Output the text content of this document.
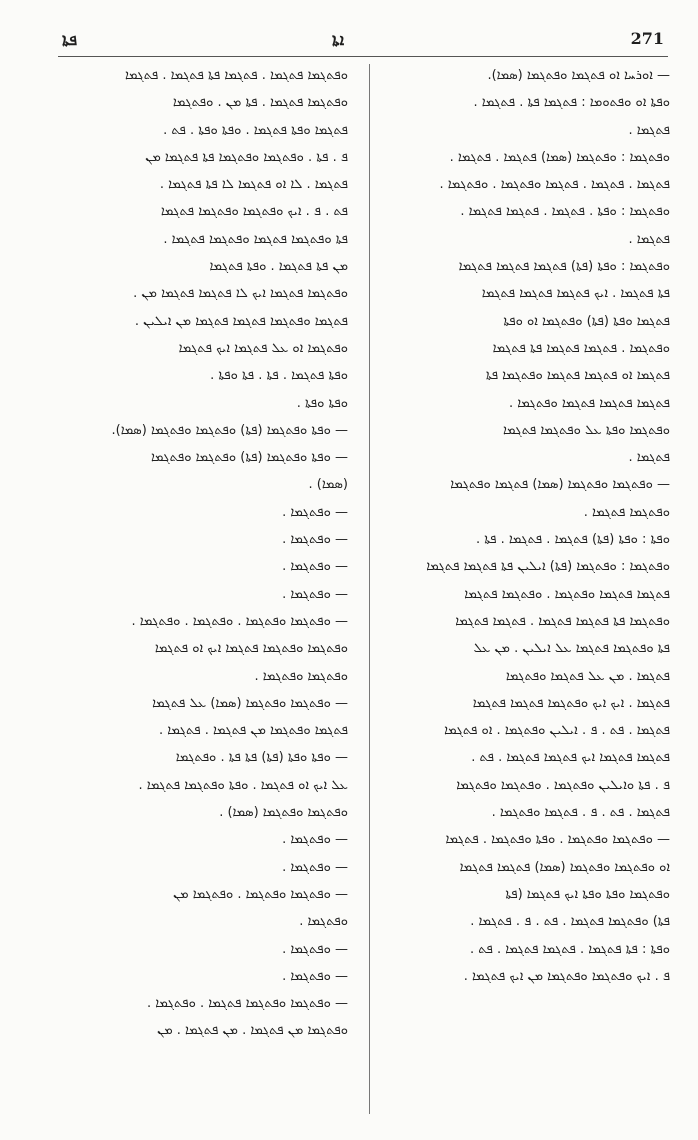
ܦܬܐ	ܐܬܐ	271
— ܐܘܪܚܐ ܐܘ ܦܬܓܡܐ ܘܦܬܓܡܐ (ܣܡܐ).
ܘܦܬܐ ܐܘ ܘܦܬܘܡܐ : ܦܬܓܡܐ ܦܬܐ . ܦܬܓܡܐ .
ܦܬܓܡܐ .
ܘܦܬܓܡܐ : ܘܦܬܓܡܐ (ܣܡܐ) ܦܬܓܡܐ . ܦܬܓܡܐ .
ܦܬܓܡܐ . ܦܬܓܡܐ . ܦܬܓܡܐ ܘܦܬܓܡܐ . ܘܦܬܓܡܐ .
ܘܦܬܓܡܐ : ܘܦܬܐ . ܦܬܓܡܐ . ܦܬܓܡܐ ܦܬܓܡܐ .
ܦܬܓܡܐ .
ܘܦܬܓܡܐ : ܘܦܬܐ (ܦܬܐ) ܦܬܓܡܐ ܦܬܓܡܐ ܦܬܓܡܐ
ܦܬܐ ܦܬܓܡܐ . ܐܝܟ ܦܬܓܡܐ ܦܬܓܡܐ ܦܬܓܡܐ
ܦܬܓܡܐ ܘܦܬܐ (ܦܬܐ) ܘܦܬܓܡܐ ܐܘ ܘܦܬܐ
ܘܦܬܓܡܐ . ܦܬܓܡܐ ܦܬܓܡܐ ܦܬܐ ܦܬܓܡܐ
ܦܬܓܡܐ ܐܘ ܦܬܓܡܐ ܦܬܓܡܐ ܘܦܬܓܡܐ ܦܬܐ
ܦܬܓܡܐ ܦܬܓܡܐ ܦܬܓܡܐ ܘܦܬܓܡܐ .
ܘܦܬܓܡܐ ܘܦܬܐ ܥܠ ܘܦܬܓܡܐ ܦܬܓܡܐ
ܦܬܓܡܐ .
— ܘܦܬܓܡܐ ܘܦܬܓܡܐ (ܣܡܐ) ܦܬܓܡܐ ܘܦܬܓܡܐ
ܘܦܬܓܡܐ ܦܬܓܡܐ .
ܘܦܬܐ : ܘܦܬܐ (ܦܬܐ) ܦܬܓܡܐ . ܦܬܓܡܐ . ܦܬܐ .
ܘܦܬܓܡܐ : ܘܦܬܓܡܐ (ܦܬܐ) ܐܝܠܝܢ ܦܬܐ ܦܬܓܡܐ ܦܬܓܡܐ
ܦܬܓܡܐ ܦܬܓܡܐ ܘܦܬܓܡܐ . ܘܦܬܓܡܐ ܦܬܓܡܐ
ܘܦܬܓܡܐ ܦܬܐ ܦܬܓܡܐ ܦܬܓܡܐ . ܦܬܓܡܐ ܦܬܓܡܐ
ܦܬܐ ܘܦܬܓܡܐ ܦܬܓܡܐ ܥܠ ܐܝܠܝܢ . ܡܢ ܥܠ
ܦܬܓܡܐ . ܡܢ ܥܠ ܦܬܓܡܐ ܘܦܬܓܡܐ
ܦܬܓܡܐ . ܐܝܟ ܐܝܟ ܘܦܬܓܡܐ ܦܬܓܡܐ ܦܬܓܡܐ
ܦܬܓܡܐ . ܦܬ . ܦ . ܐܝܠܝܢ ܘܦܬܓܡܐ . ܐܘ ܦܬܓܡܐ
ܦܬܓܡܐ ܦܬܓܡܐ ܐܝܟ ܦܬܓܡܐ ܦܬܓܡܐ . ܦܬ .
ܦ . ܦܬܐ ܘܐܝܠܝܢ ܘܦܬܓܡܐ . ܘܦܬܓܡܐ ܘܦܬܓܡܐ
ܦܬܓܡܐ . ܦܬ . ܦ . ܦܬܓܡܐ ܘܦܬܓܡܐ .
— ܘܦܬܓܡܐ ܘܦܬܓܡܐ . ܘܦܬܐ ܘܦܬܓܡܐ . ܦܬܓܡܐ
ܐܘ ܘܦܬܓܡܐ ܘܦܬܓܡܐ (ܣܡܐ) ܦܬܓܡܐ ܦܬܓܡܐ
ܘܦܬܓܡܐ ܘܦܬܐ ܘܦܬܐ ܐܝܟ ܦܬܓܡܐ (ܦܬܐ
ܦܬܐ) ܘܦܬܓܡܐ ܦܬܓܡܐ . ܦܬ . ܦ . ܦܬܓܡܐ .
ܘܦܬܐ : ܦܬܐ ܦܬܓܡܐ . ܦܬܓܡܐ ܦܬܓܡܐ . ܦܬ .
ܦ . ܐܝܟ ܘܦܬܓܡܐ ܘܦܬܓܡܐ ܡܢ ܐܝܟ ܦܬܓܡܐ .
ܘܦܬܓܡܐ ܦܬܓܡܐ . ܦܬܓܡܐ ܦܬܐ ܦܬܓܡܐ . ܦܬܓܡܐ
ܘܦܬܓܡܐ ܦܬܓܡܐ . ܦܬܐ ܡܢ . ܘܦܬܓܡܐ
ܦܬܓܡܐ ܘܦܬܐ ܦܬܓܡܐ . ܘܦܬܐ ܘܦܬܐ . ܦܬ .
ܦ . ܦܬܐ . ܘܦܬܓܡܐ ܘܦܬܓܡܐ ܦܬܐ ܦܬܓܡܐ ܡܢ
ܦܬܓܡܐ . ܠܐ ܐܘ ܦܬܓܡܐ ܠܐ ܦܬܐ ܦܬܓܡܐ .
ܦܬ . ܦ . ܐܝܟ ܘܦܬܓܡܐ ܘܦܬܓܡܐ ܦܬܓܡܐ
ܦܬܐ ܘܦܬܓܡܐ ܦܬܓܡܐ ܘܦܬܓܡܐ ܦܬܓܡܐ .
ܡܢ ܦܬܐ ܦܬܓܡܐ . ܘܦܬܐ ܦܬܓܡܐ
ܘܦܬܓܡܐ ܦܬܓܡܐ ܐܝܟ ܠܐ ܦܬܓܡܐ ܦܬܓܡܐ ܡܢ .
ܦܬܓܡܐ ܘܦܬܓܡܐ ܦܬܓܡܐ ܦܬܓܡܐ ܡܢ ܐܝܠܝܢ .
ܘܦܬܓܡܐ ܐܘ ܥܠ ܦܬܓܡܐ ܐܝܟ ܦܬܓܡܐ
ܘܦܬܐ ܦܬܓܡܐ . ܦܬܐ . ܦܬܐ ܘܦܬܐ .
ܘܦܬܐ ܘܦܬܐ .
— ܘܦܬܐ ܘܦܬܓܡܐ (ܦܬܐ) ܘܦܬܓܡܐ ܘܦܬܓܡܐ (ܣܡܐ).
— ܘܦܬܐ ܘܦܬܓܡܐ (ܦܬܐ) ܘܦܬܓܡܐ ܘܦܬܓܡܐ
(ܣܡܐ) .
— ܘܦܬܓܡܐ .
— ܘܦܬܓܡܐ .
— ܘܦܬܓܡܐ .
— ܘܦܬܓܡܐ .
— ܘܦܬܓܡܐ ܘܦܬܓܡܐ . ܘܦܬܓܡܐ . ܘܦܬܓܡܐ .
ܘܦܬܓܡܐ ܘܦܬܓܡܐ ܦܬܓܡܐ ܐܝܟ ܐܘ ܦܬܓܡܐ
ܘܦܬܓܡܐ ܘܦܬܓܡܐ .
— ܘܦܬܓܡܐ ܘܦܬܓܡܐ (ܣܡܐ) ܥܠ ܦܬܓܡܐ
ܦܬܓܡܐ ܘܦܬܓܡܐ ܡܢ ܦܬܓܡܐ . ܦܬܓܡܐ .
— ܘܦܬܐ ܘܦܬܐ (ܦܬܐ) ܦܬܐ ܦܬܐ . ܘܦܬܓܡܐ
ܥܠ ܐܝܟ ܐܘ ܦܬܓܡܐ . ܘܦܬܐ ܘܦܬܓܡܐ ܦܬܓܡܐ .
ܘܦܬܓܡܐ ܘܦܬܓܡܐ (ܣܡܐ) .
— ܘܦܬܓܡܐ .
— ܘܦܬܓܡܐ .
— ܘܦܬܓܡܐ ܘܦܬܓܡܐ . ܘܦܬܓܡܐ ܡܢ
ܘܦܬܓܡܐ .
— ܘܦܬܓܡܐ .
— ܘܦܬܓܡܐ .
— ܘܦܬܓܡܐ ܘܦܬܓܡܐ ܦܬܓܡܐ . ܘܦܬܓܡܐ .
ܘܦܬܓܡܐ ܡܢ ܦܬܓܡܐ . ܡܢ ܦܬܓܡܐ . ܡܢ
